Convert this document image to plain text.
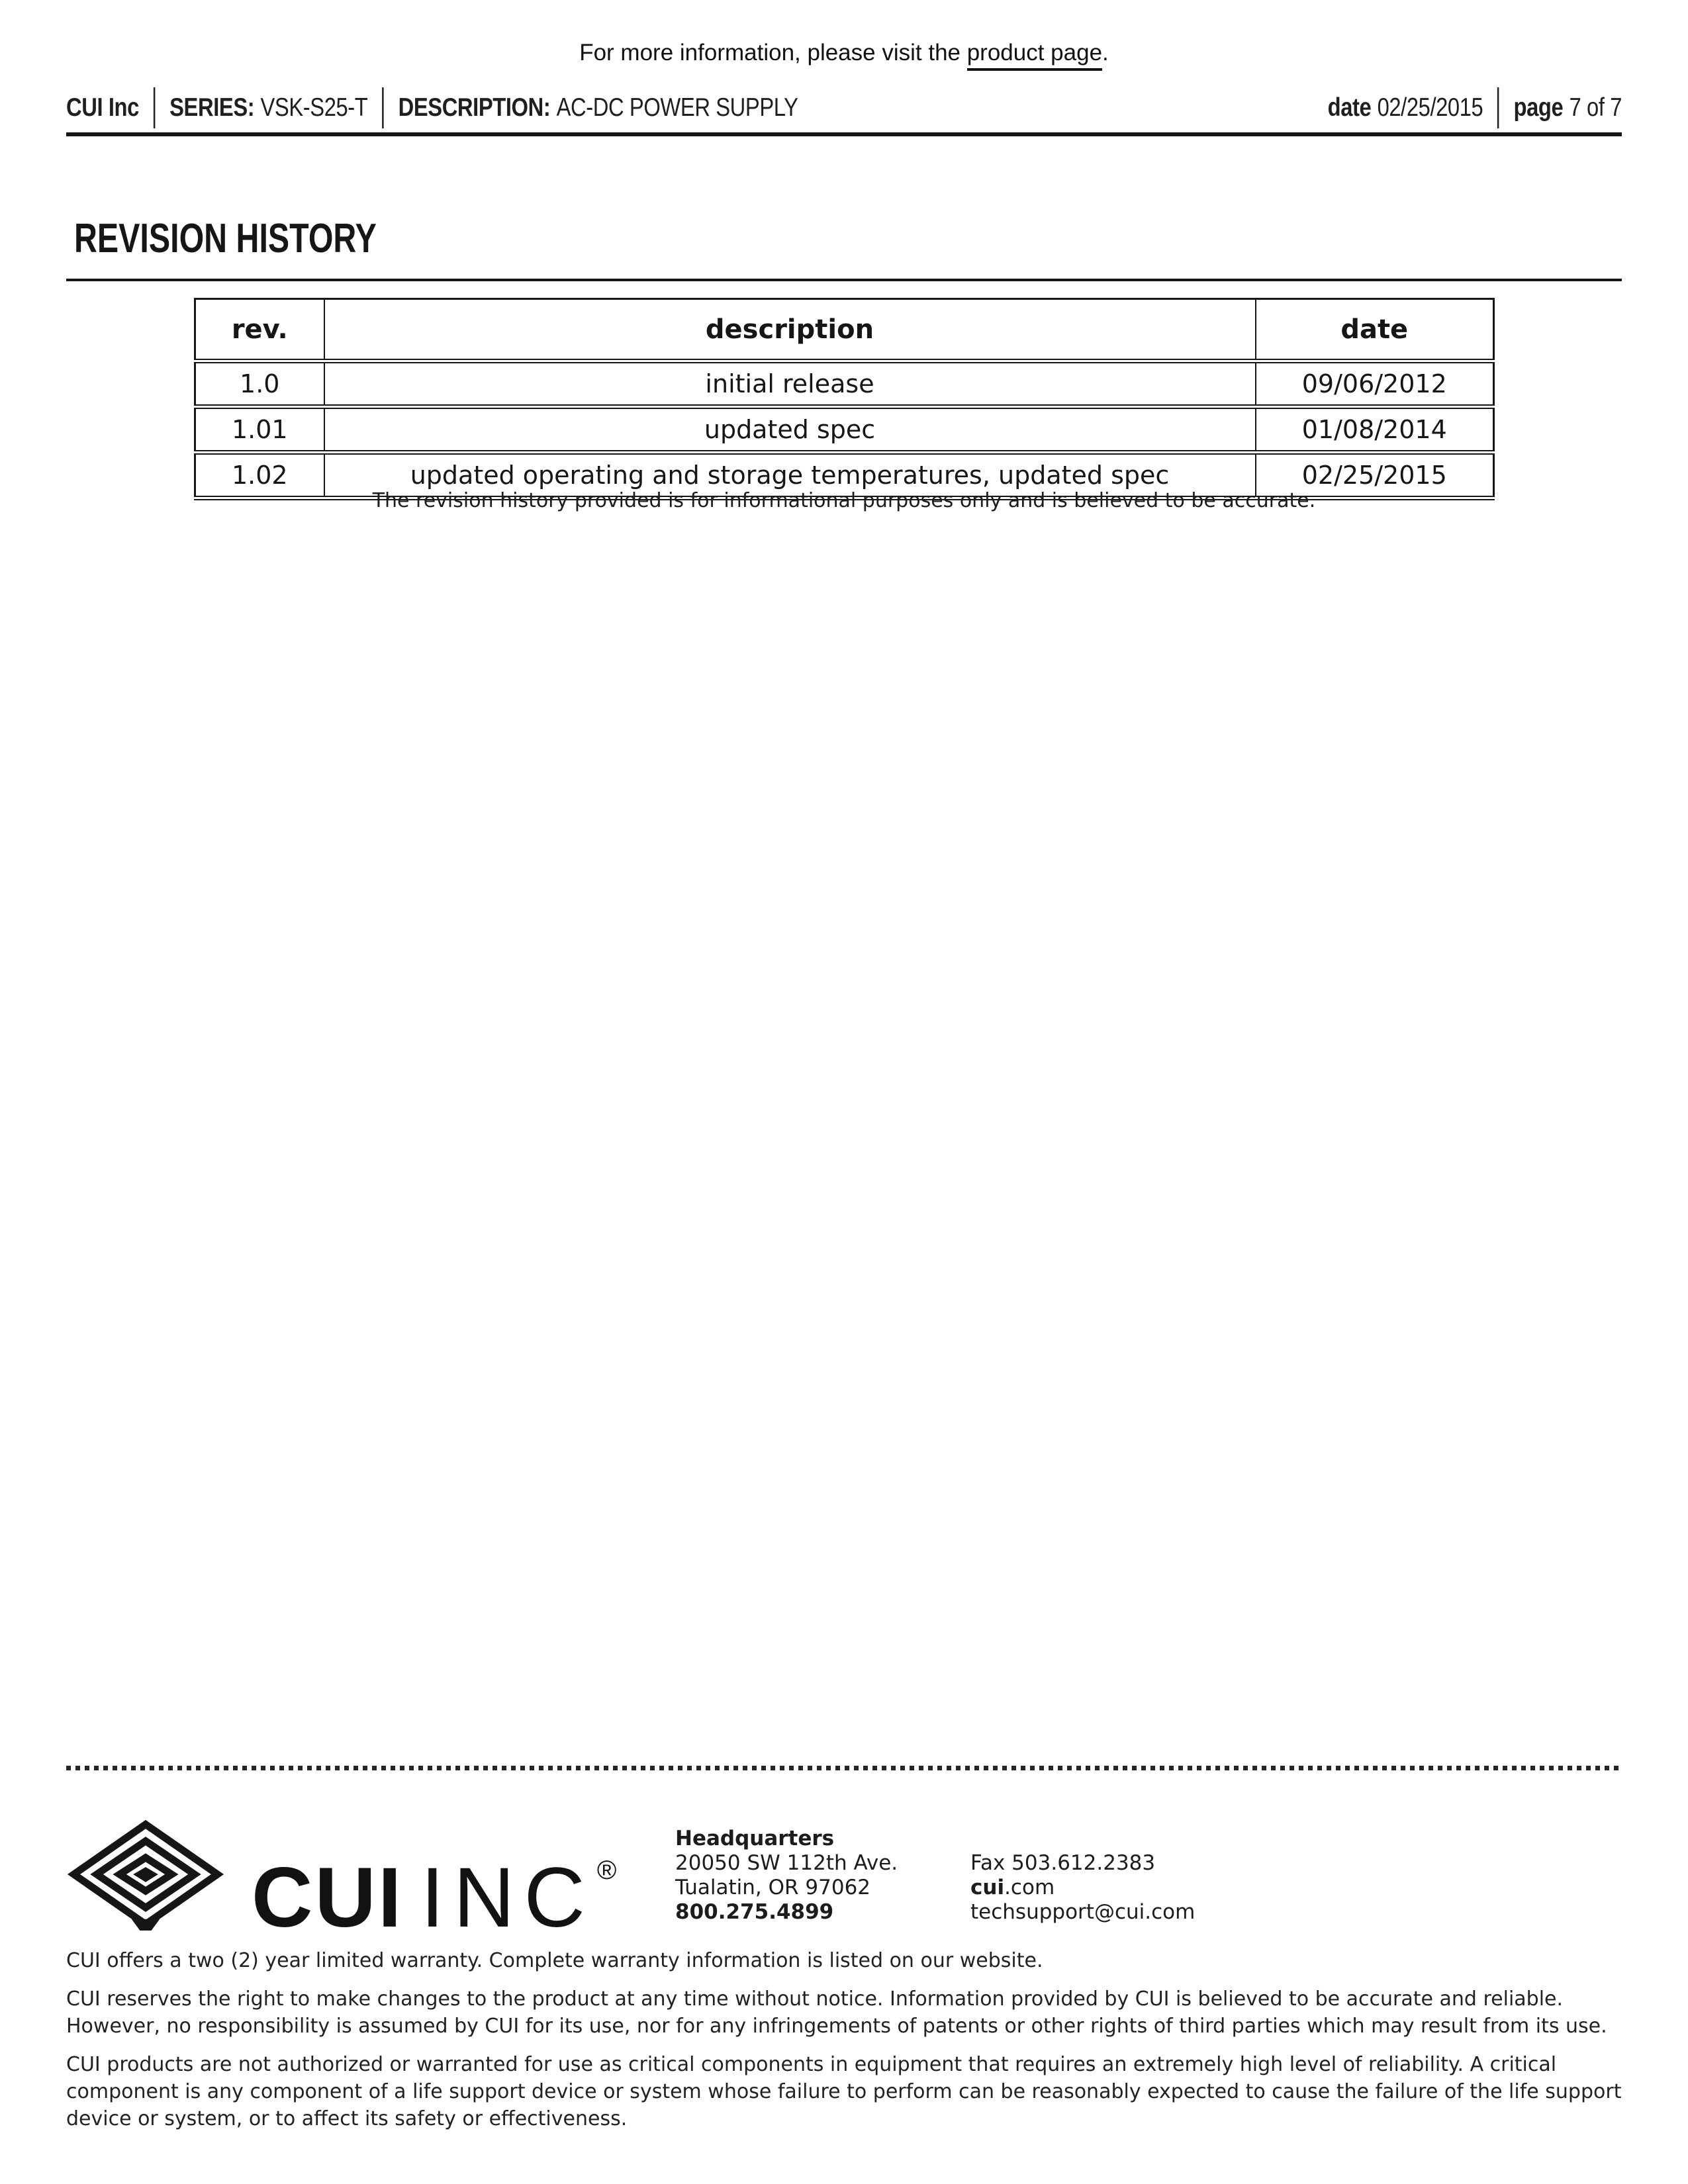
For more information, please visit the product page.
CUI Inc SERIES: VSK-S25-T DESCRIPTION: AC-DC POWER SUPPLY	date 02/25/2015 page 7 of 7
REVISION HISTORY
rev.	description	date
1.0	initial release	09/06/2012
1.01	updated spec	01/08/2014
1.02	updated operating and storage temperatures, updated spec	02/25/2015
The revision history provided is for informational purposes only and is believed to be accurate.
CUI INC ®
Headquarters
20050 SW 112th Ave.
Tualatin, OR 97062
800.275.4899
Fax 503.612.2383
cui.com
techsupport@cui.com

CUI offers a two (2) year limited warranty. Complete warranty information is listed on our website.

CUI reserves the right to make changes to the product at any time without notice. Information provided by CUI is believed to be accurate and reliable. However, no responsibility is assumed by CUI for its use, nor for any infringements of patents or other rights of third parties which may result from its use.

CUI products are not authorized or warranted for use as critical components in equipment that requires an extremely high level of reliability. A critical component is any component of a life support device or system whose failure to perform can be reasonably expected to cause the failure of the life support device or system, or to affect its safety or effectiveness.
